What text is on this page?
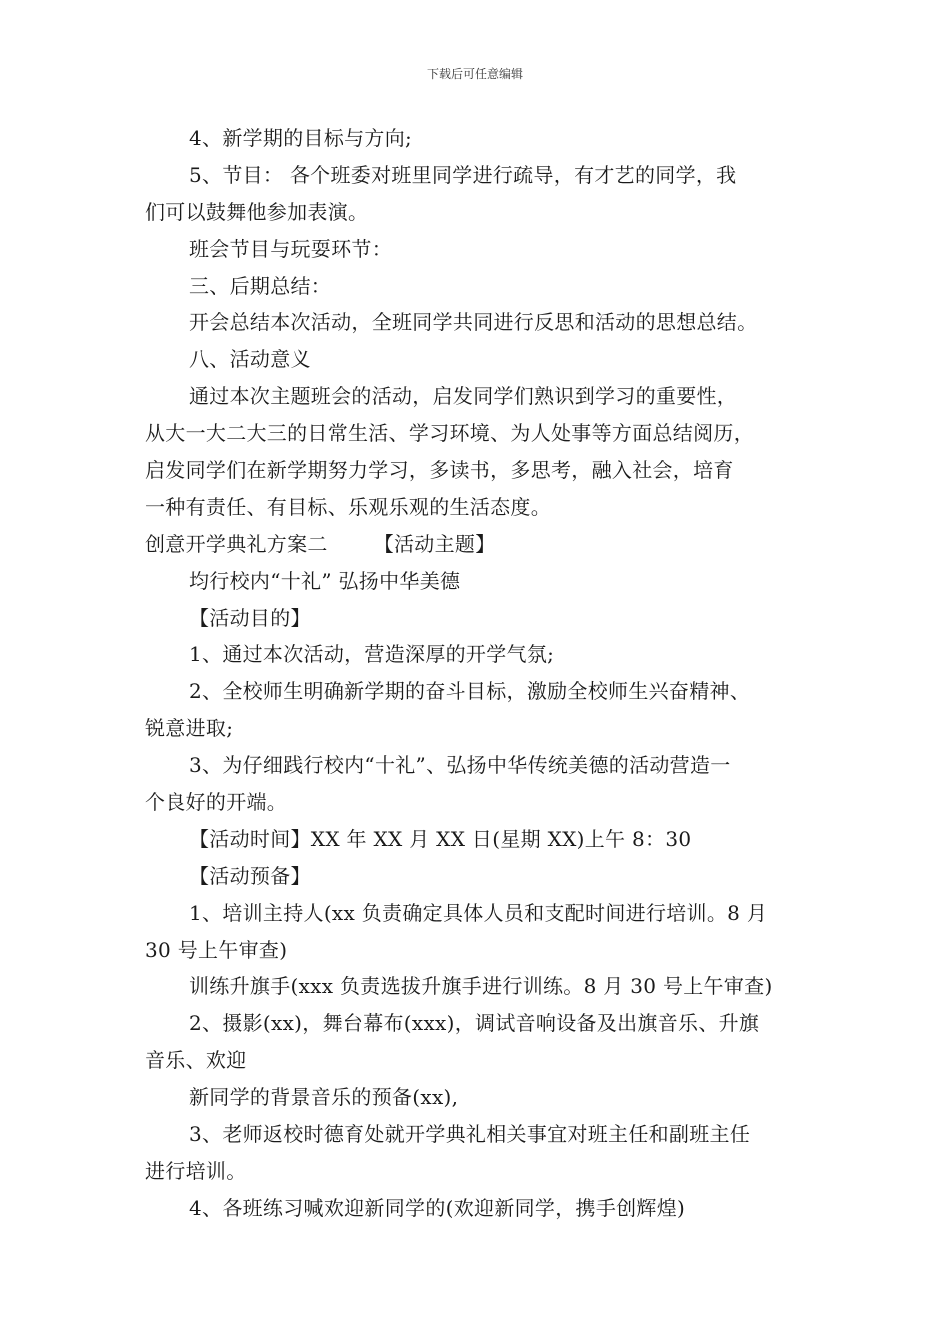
下载后可任意编辑
4、新学期的目标与方向;
5、节目： 各个班委对班里同学进行疏导，有才艺的同学，我
们可以鼓舞他参加表演。
班会节目与玩耍环节：
三、后期总结：
开会总结本次活动，全班同学共同进行反思和活动的思想总结。
八、活动意义
通过本次主题班会的活动，启发同学们熟识到学习的重要性，
从大一大二大三的日常生活、学习环境、为人处事等方面总结阅历，
启发同学们在新学期努力学习，多读书，多思考，融入社会，培育
一种有责任、有目标、乐观乐观的生活态度。
创意开学典礼方案二 【活动主题】
均行校内“十礼” 弘扬中华美德
【活动目的】
1、通过本次活动，营造深厚的开学气氛;
2、全校师生明确新学期的奋斗目标，激励全校师生兴奋精神、
锐意进取;
3、为仔细践行校内“十礼”、弘扬中华传统美德的活动营造一
个良好的开端。
【活动时间】XX 年 XX 月 XX 日(星期 XX)上午 8：30
【活动预备】
1、培训主持人(xx 负责确定具体人员和支配时间进行培训。8 月
30 号上午审查)
训练升旗手(xxx 负责选拔升旗手进行训练。8 月 30 号上午审查)
2、摄影(xx)，舞台幕布(xxx)，调试音响设备及出旗音乐、升旗
音乐、欢迎
新同学的背景音乐的预备(xx),
3、老师返校时德育处就开学典礼相关事宜对班主任和副班主任
进行培训。
4、各班练习喊欢迎新同学的(欢迎新同学，携手创辉煌)
